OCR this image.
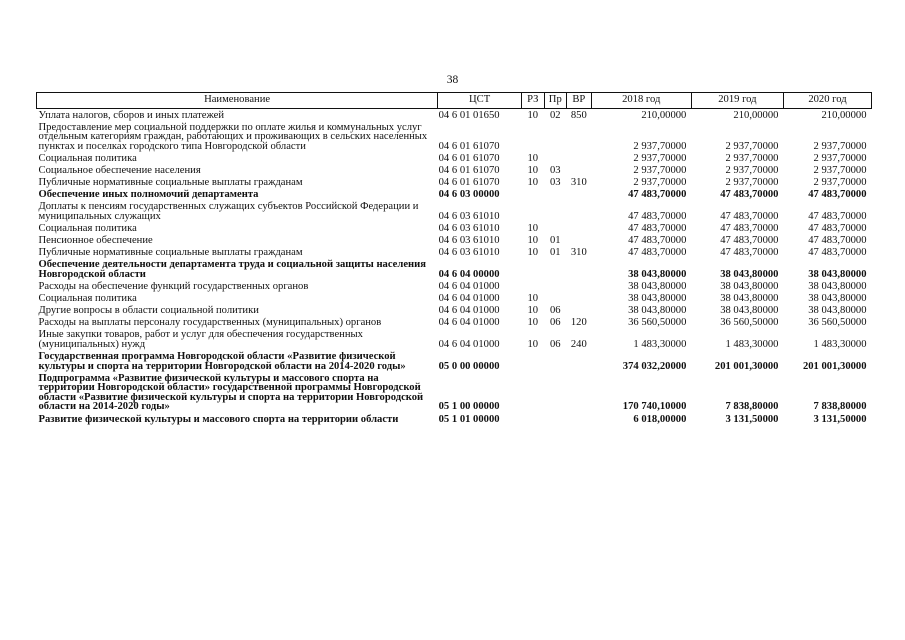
38
Наименование	ЦСТ	РЗ	Пр	ВР	2018 год	2019 год	2020 год
Уплата налогов, сборов и иных платежей	04 6 01 01650	10	02	850	210,00000	210,00000	210,00000
Предоставление мер социальной поддержки по оплате жилья и коммунальных услуг отдельным категориям граждан, работающих и проживающих в сельских населенных пунктах и поселках городского типа Новгородской области	04 6 01 61070				2 937,70000	2 937,70000	2 937,70000
Социальная политика	04 6 01 61070	10			2 937,70000	2 937,70000	2 937,70000
Социальное обеспечение населения	04 6 01 61070	10	03		2 937,70000	2 937,70000	2 937,70000
Публичные нормативные социальные выплаты гражданам	04 6 01 61070	10	03	310	2 937,70000	2 937,70000	2 937,70000
Обеспечение иных полномочий департамента	04 6 03 00000				47 483,70000	47 483,70000	47 483,70000
Доплаты к пенсиям государственных служащих субъектов Российской Федерации и муниципальных служащих	04 6 03 61010				47 483,70000	47 483,70000	47 483,70000
Социальная политика	04 6 03 61010	10			47 483,70000	47 483,70000	47 483,70000
Пенсионное обеспечение	04 6 03 61010	10	01		47 483,70000	47 483,70000	47 483,70000
Публичные нормативные социальные выплаты гражданам	04 6 03 61010	10	01	310	47 483,70000	47 483,70000	47 483,70000
Обеспечение деятельности департамента труда и социальной защиты населения Новгородской области	04 6 04 00000				38 043,80000	38 043,80000	38 043,80000
Расходы на обеспечение функций государственных органов	04 6 04 01000				38 043,80000	38 043,80000	38 043,80000
Социальная политика	04 6 04 01000	10			38 043,80000	38 043,80000	38 043,80000
Другие вопросы в области социальной политики	04 6 04 01000	10	06		38 043,80000	38 043,80000	38 043,80000
Расходы на выплаты персоналу государственных (муниципальных) органов	04 6 04 01000	10	06	120	36 560,50000	36 560,50000	36 560,50000
Иные закупки товаров, работ и услуг для обеспечения государственных (муниципальных) нужд	04 6 04 01000	10	06	240	1 483,30000	1 483,30000	1 483,30000
Государственная программа Новгородской области «Развитие физической культуры и спорта на территории Новгородской области на 2014-2020 годы»	05 0 00 00000				374 032,20000	201 001,30000	201 001,30000
Подпрограмма «Развитие физической культуры и массового спорта на территории Новгородской области» государственной программы Новгородской области «Развитие физической культуры и спорта на территории Новгородской области на 2014-2020 годы»	05 1 00 00000				170 740,10000	7 838,80000	7 838,80000
Развитие физической культуры и массового спорта на территории области	05 1 01 00000				6 018,00000	3 131,50000	3 131,50000
